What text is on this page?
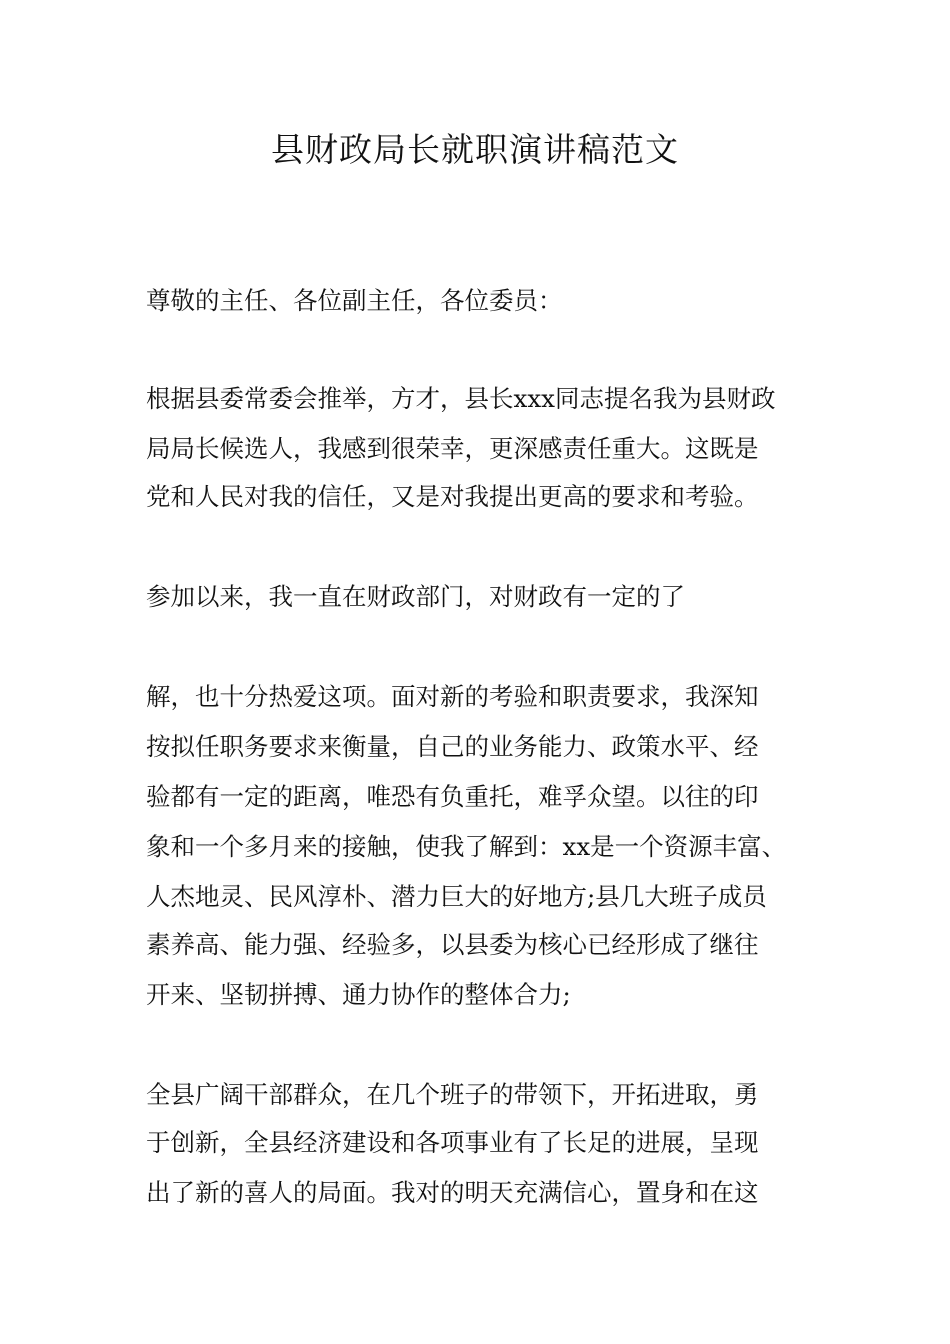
县财政局长就职演讲稿范文
尊敬的主任、各位副主任，各位委员：
根据县委常委会推举，方才，县长xxx同志提名我为县财政
局局长候选人，我感到很荣幸，更深感责任重大。这既是
党和人民对我的信任，又是对我提出更高的要求和考验。
参加以来，我一直在财政部门，对财政有一定的了
解，也十分热爱这项。面对新的考验和职责要求，我深知
按拟任职务要求来衡量，自己的业务能力、政策水平、经
验都有一定的距离，唯恐有负重托，难孚众望。以往的印
象和一个多月来的接触，使我了解到：xx是一个资源丰富、
人杰地灵、民风淳朴、潜力巨大的好地方;县几大班子成员
素养高、能力强、经验多，以县委为核心已经形成了继往
开来、坚韧拼搏、通力协作的整体合力;
全县广阔干部群众，在几个班子的带领下，开拓进取，勇
于创新，全县经济建设和各项事业有了长足的进展，呈现
出了新的喜人的局面。我对的明天充满信心，置身和在这
